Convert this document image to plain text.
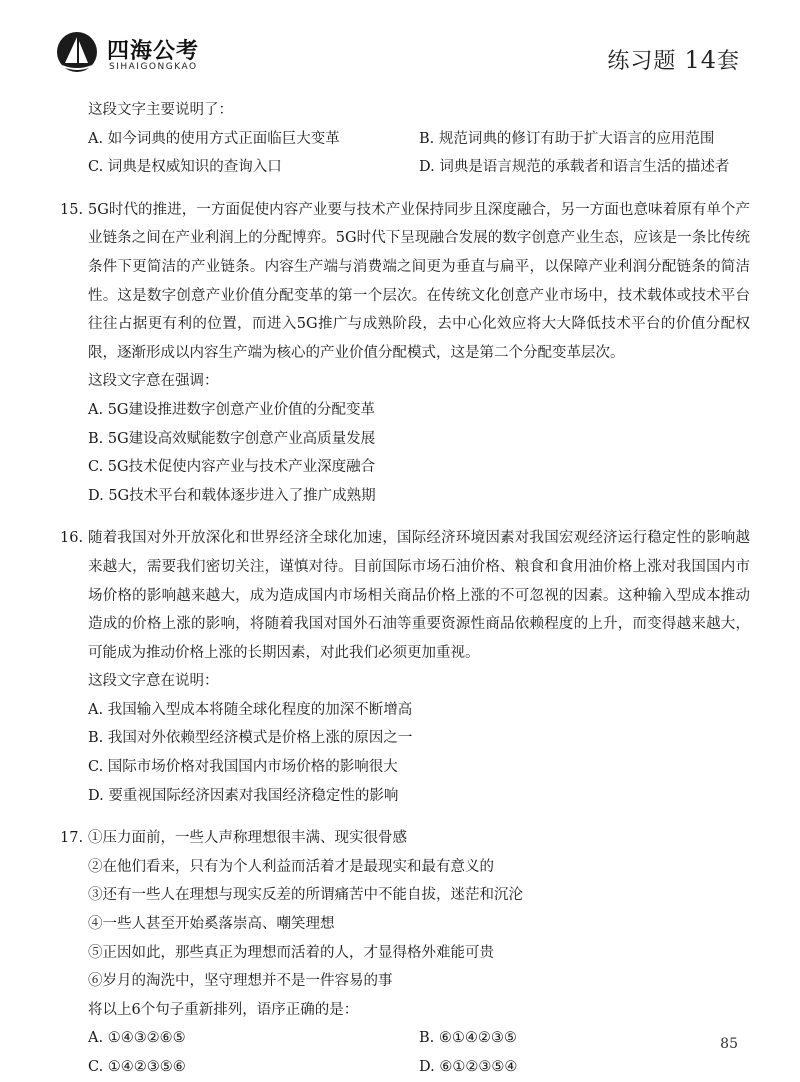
四海公考
SIHAIGONGKAO	练习题 14套
这段文字主要说明了：
A. 如今词典的使用方式正面临巨大变革	B. 规范词典的修订有助于扩大语言的应用范围
C. 词典是权威知识的查询入口	D. 词典是语言规范的承载者和语言生活的描述者
15. 5G时代的推进，一方面促使内容产业要与技术产业保持同步且深度融合，另一方面也意味着原有单个产业链条之间在产业利润上的分配博弈。5G时代下呈现融合发展的数字创意产业生态，应该是一条比传统条件下更简洁的产业链条。内容生产端与消费端之间更为垂直与扁平，以保障产业利润分配链条的简洁性。这是数字创意产业价值分配变革的第一个层次。在传统文化创意产业市场中，技术载体或技术平台往往占据更有利的位置，而进入5G推广与成熟阶段，去中心化效应将大大降低技术平台的价值分配权限，逐渐形成以内容生产端为核心的产业价值分配模式，这是第二个分配变革层次。
这段文字意在强调：
A. 5G建设推进数字创意产业价值的分配变革
B. 5G建设高效赋能数字创意产业高质量发展
C. 5G技术促使内容产业与技术产业深度融合
D. 5G技术平台和载体逐步进入了推广成熟期
16. 随着我国对外开放深化和世界经济全球化加速，国际经济环境因素对我国宏观经济运行稳定性的影响越来越大，需要我们密切关注，谨慎对待。目前国际市场石油价格、粮食和食用油价格上涨对我国国内市场价格的影响越来越大，成为造成国内市场相关商品价格上涨的不可忽视的因素。这种输入型成本推动造成的价格上涨的影响，将随着我国对国外石油等重要资源性商品依赖程度的上升，而变得越来越大，可能成为推动价格上涨的长期因素，对此我们必须更加重视。
这段文字意在说明：
A. 我国输入型成本将随全球化程度的加深不断增高
B. 我国对外依赖型经济模式是价格上涨的原因之一
C. 国际市场价格对我国国内市场价格的影响很大
D. 要重视国际经济因素对我国经济稳定性的影响
17. ①压力面前，一些人声称理想很丰满、现实很骨感
②在他们看来，只有为个人利益而活着才是最现实和最有意义的
③还有一些人在理想与现实反差的所谓痛苦中不能自拔，迷茫和沉沦
④一些人甚至开始奚落崇高、嘲笑理想
⑤正因如此，那些真正为理想而活着的人，才显得格外难能可贵
⑥岁月的淘洗中，坚守理想并不是一件容易的事
将以上6个句子重新排列，语序正确的是：
A. ①④③②⑥⑤	B. ⑥①④②③⑤
C. ①④②③⑤⑥	D. ⑥①②③⑤④
85
